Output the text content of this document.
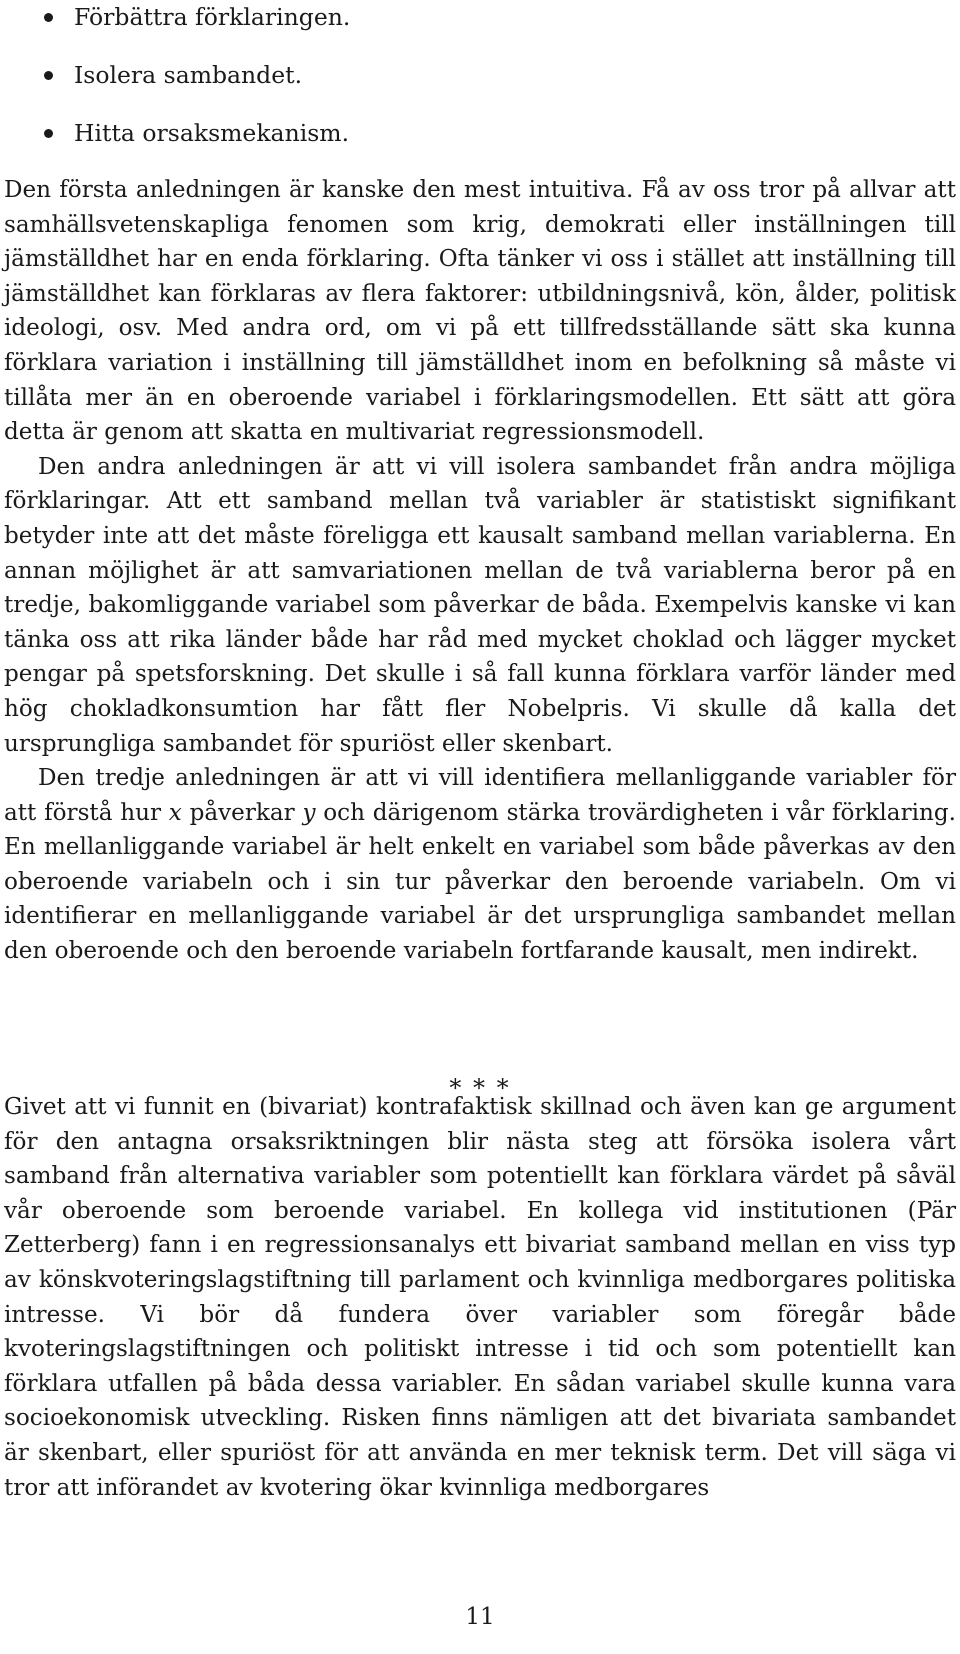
Förbättra förklaringen.
Isolera sambandet.
Hitta orsaksmekanism.

Den första anledningen är kanske den mest intuitiva. Få av oss tror på allvar att samhällsvetenskapliga fenomen som krig, demokrati eller inställningen till jämställdhet har en enda förklaring. Ofta tänker vi oss i stället att inställning till jämställdhet kan förklaras av flera faktorer: utbildningsnivå, kön, ålder, politisk ideologi, osv. Med andra ord, om vi på ett tillfredsställande sätt ska kunna förklara variation i inställning till jämställdhet inom en befolkning så måste vi tillåta mer än en oberoende variabel i förklaringsmodellen. Ett sätt att göra detta är genom att skatta en multivariat regressionsmodell.

Den andra anledningen är att vi vill isolera sambandet från andra möjliga förklaringar. Att ett samband mellan två variabler är statistiskt signifikant betyder inte att det måste föreligga ett kausalt samband mellan variablerna. En annan möjlighet är att samvariationen mellan de två variablerna beror på en tredje, bakomliggande variabel som påverkar de båda. Exempelvis kanske vi kan tänka oss att rika länder både har råd med mycket choklad och lägger mycket pengar på spetsforskning. Det skulle i så fall kunna förklara varför länder med hög chokladkonsumtion har fått fler Nobelpris. Vi skulle då kalla det ursprungliga sambandet för spuriöst eller skenbart.

Den tredje anledningen är att vi vill identifiera mellanliggande variabler för att förstå hur x påverkar y och därigenom stärka trovärdigheten i vår förklaring. En mellanliggande variabel är helt enkelt en variabel som både påverkas av den oberoende variabeln och i sin tur påverkar den beroende variabeln. Om vi identifierar en mellanliggande variabel är det ursprungliga sambandet mellan den oberoende och den beroende variabeln fortfarande kausalt, men indirekt.

* * *

Givet att vi funnit en (bivariat) kontrafaktisk skillnad och även kan ge argument för den antagna orsaksriktningen blir nästa steg att försöka isolera vårt samband från alternativa variabler som potentiellt kan förklara värdet på såväl vår oberoende som beroende variabel. En kollega vid institutionen (Pär Zetterberg) fann i en regressionsanalys ett bivariat samband mellan en viss typ av könskvoteringslagstiftning till parlament och kvinnliga medborgares politiska intresse. Vi bör då fundera över variabler som föregår både kvoteringslagstiftningen och politiskt intresse i tid och som potentiellt kan förklara utfallen på båda dessa variabler. En sådan variabel skulle kunna vara socioekonomisk utveckling. Risken finns nämligen att det bivariata sambandet är skenbart, eller spuriöst för att använda en mer teknisk term. Det vill säga vi tror att införandet av kvotering ökar kvinnliga medborgares

11
